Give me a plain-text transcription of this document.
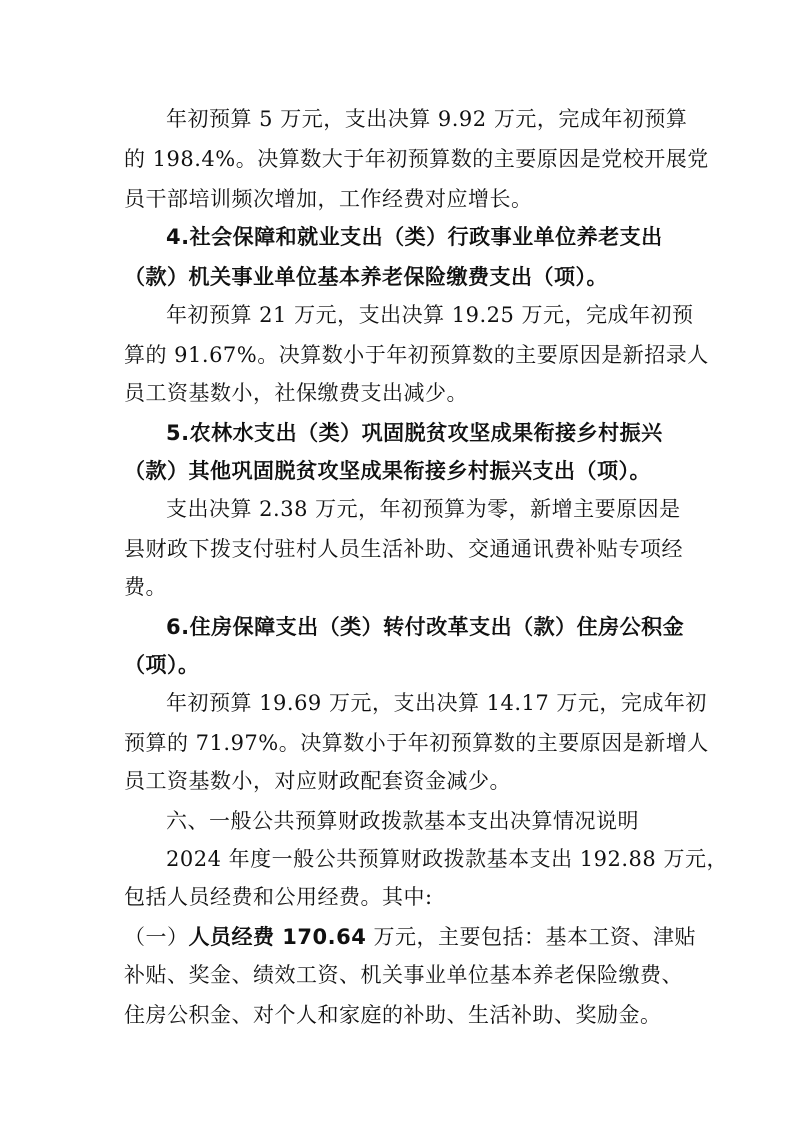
年初预算 5 万元，支出决算 9.92 万元，完成年初预算
的 198.4%。决算数大于年初预算数的主要原因是党校开展党
员干部培训频次增加，工作经费对应增长。
4.社会保障和就业支出（类）行政事业单位养老支出
（款）机关事业单位基本养老保险缴费支出（项）。
年初预算 21 万元，支出决算 19.25 万元，完成年初预
算的 91.67%。决算数小于年初预算数的主要原因是新招录人
员工资基数小，社保缴费支出减少。
5.农林水支出（类）巩固脱贫攻坚成果衔接乡村振兴
（款）其他巩固脱贫攻坚成果衔接乡村振兴支出（项）。
支出决算 2.38 万元，年初预算为零，新增主要原因是
县财政下拨支付驻村人员生活补助、交通通讯费补贴专项经
费。
6.住房保障支出（类）转付改革支出（款）住房公积金
（项）。
年初预算 19.69 万元，支出决算 14.17 万元，完成年初
预算的 71.97%。决算数小于年初预算数的主要原因是新增人
员工资基数小，对应财政配套资金减少。
六、一般公共预算财政拨款基本支出决算情况说明
2024 年度一般公共预算财政拨款基本支出 192.88 万元，
包括人员经费和公用经费。其中:
（一）人员经费 170.64 万元，主要包括：基本工资、津贴
补贴、奖金、绩效工资、机关事业单位基本养老保险缴费、
住房公积金、对个人和家庭的补助、生活补助、奖励金。
